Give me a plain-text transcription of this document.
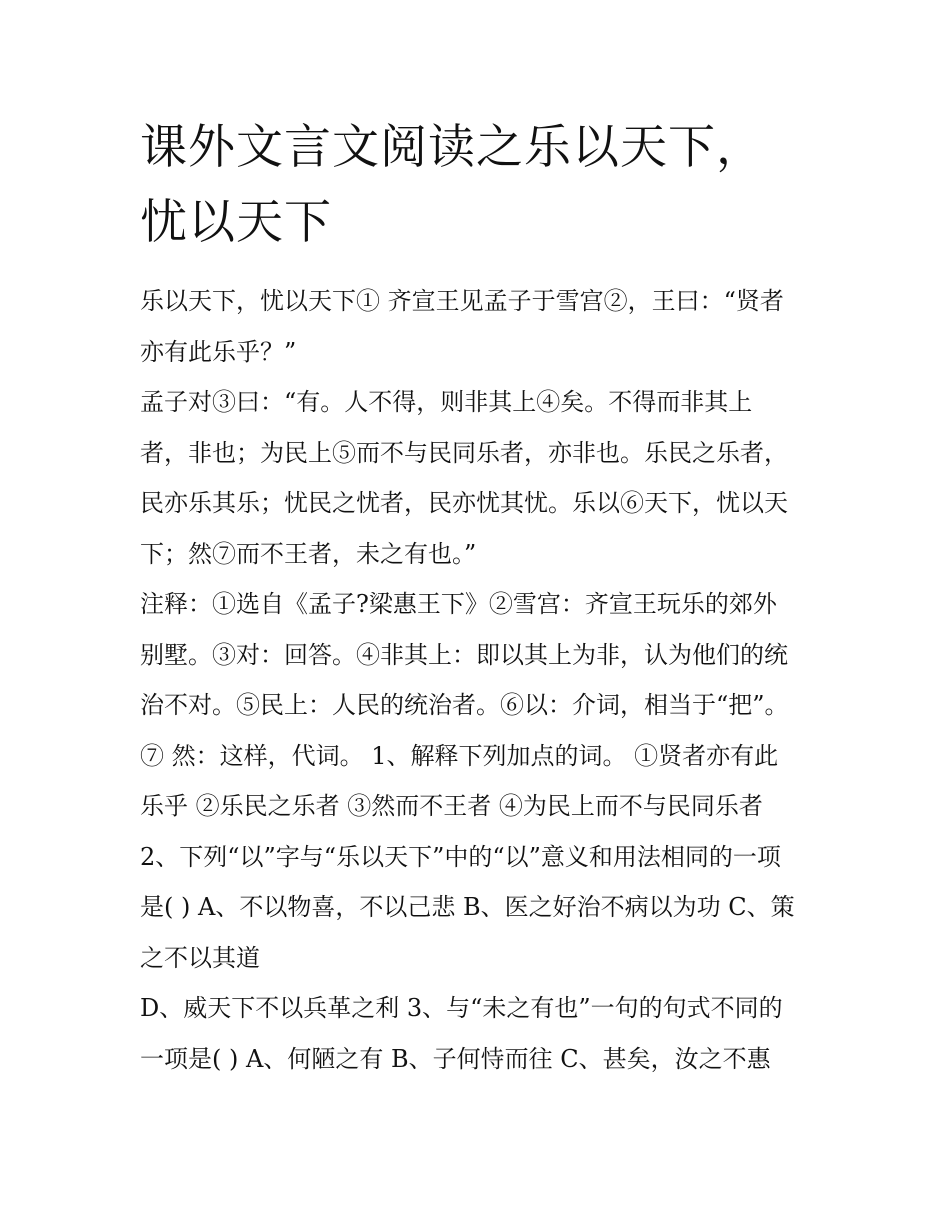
课外文言文阅读之乐以天下，
忧以天下
乐以天下，忧以天下① 齐宣王见孟子于雪宫②，王曰：“贤者
亦有此乐乎？”
孟子对③曰：“有。人不得，则非其上④矣。不得而非其上
者，非也；为民上⑤而不与民同乐者，亦非也。乐民之乐者，
民亦乐其乐；忧民之忧者，民亦忧其忧。乐以⑥天下，忧以天
下；然⑦而不王者，未之有也。”
注释：①选自《孟子?梁惠王下》②雪宫：齐宣王玩乐的郊外
别墅。③对：回答。④非其上：即以其上为非，认为他们的统
治不对。⑤民上：人民的统治者。⑥以：介词，相当于“把”。
⑦ 然：这样，代词。 1、解释下列加点的词。 ①贤者亦有此
乐乎 ②乐民之乐者 ③然而不王者 ④为民上而不与民同乐者
2、下列“以”字与“乐以天下”中的“以”意义和用法相同的一项
是( ) A、不以物喜，不以己悲 B、医之好治不病以为功 C、策
之不以其道
D、威天下不以兵革之利 3、与“未之有也”一句的句式不同的
一项是( ) A、何陋之有 B、子何恃而往 C、甚矣，汝之不惠
